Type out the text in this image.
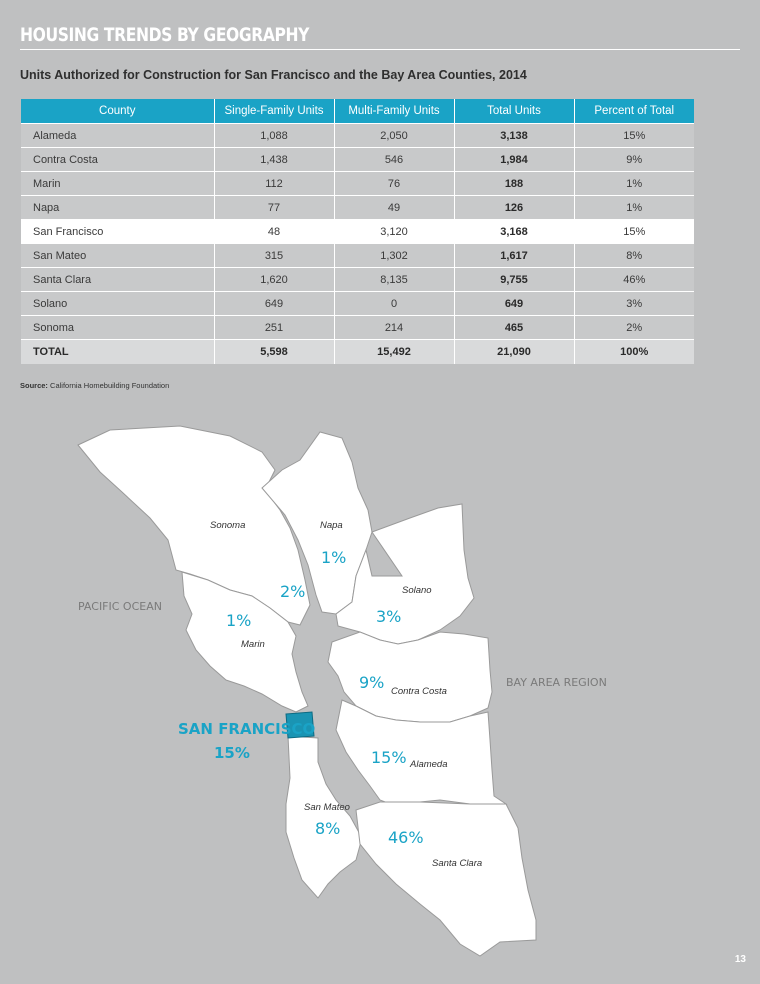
HOUSING TRENDS BY GEOGRAPHY
Units Authorized for Construction for San Francisco and the Bay Area Counties, 2014
County	Single-Family Units	Multi-Family Units	Total Units	Percent of Total
Alameda	1,088	2,050	3,138	15%
Contra Costa	1,438	546	1,984	9%
Marin	112	76	188	1%
Napa	77	49	126	1%
San Francisco	48	3,120	3,168	15%
San Mateo	315	1,302	1,617	8%
Santa Clara	1,620	8,135	9,755	46%
Solano	649	0	649	3%
Sonoma	251	214	465	2%
TOTAL	5,598	15,492	21,090	100%
Source: California Homebuilding Foundation
Sonoma	Napa
Solano
Marin
Contra Costa
Alameda
San Mateo
Santa Clara
2%
1%
3%
1%
9%
15%
8%	46%
PACIFIC OCEAN
BAY AREA REGION
SAN FRANCISCO
15%
13
